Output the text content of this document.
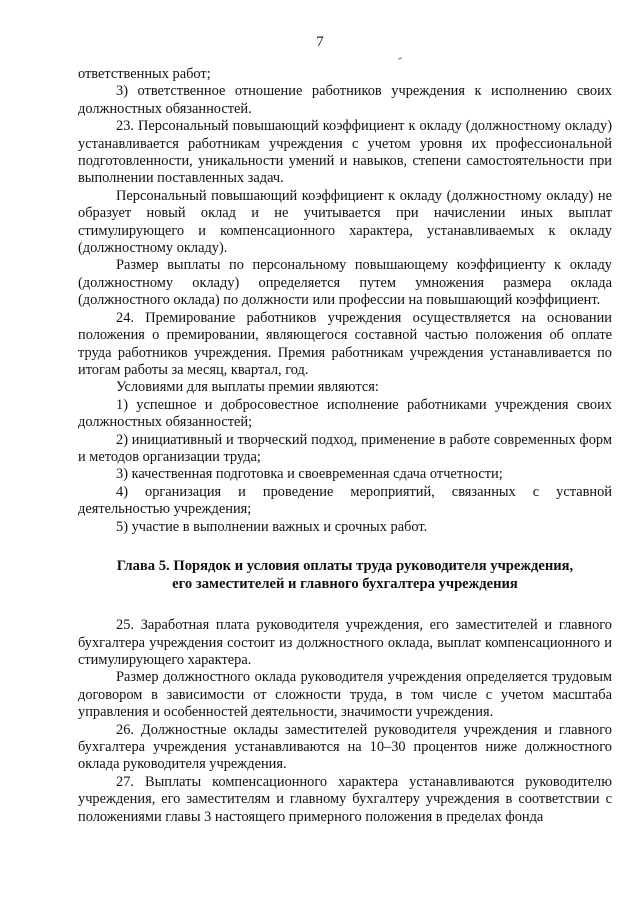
7

ответственных работ;

3) ответственное отношение работников учреждения к исполнению своих должностных обязанностей.

23. Персональный повышающий коэффициент к окладу (должностному окладу) устанавливается работникам учреждения с учетом уровня их профессиональной подготовленности, уникальности умений и навыков, степени самостоятельности при выполнении поставленных задач.

Персональный повышающий коэффициент к окладу (должностному окладу) не образует новый оклад и не учитывается при начислении иных выплат стимулирующего и компенсационного характера, устанавливаемых к окладу (должностному окладу).

Размер выплаты по персональному повышающему коэффициенту к окладу (должностному окладу) определяется путем умножения размера оклада (должностного оклада) по должности или профессии на повышающий коэффициент.

24. Премирование работников учреждения осуществляется на основании положения о премировании, являющегося составной частью положения об оплате труда работников учреждения. Премия работникам учреждения устанавливается по итогам работы за месяц, квартал, год.

Условиями для выплаты премии являются:

1) успешное и добросовестное исполнение работниками учреждения своих должностных обязанностей;

2) инициативный и творческий подход, применение в работе современных форм и методов организации труда;

3) качественная подготовка и своевременная сдача отчетности;

4) организация и проведение мероприятий, связанных с уставной деятельностью учреждения;

5) участие в выполнении важных и срочных работ.

Глава 5. Порядок и условия оплаты труда руководителя учреждения,
его заместителей и главного бухгалтера учреждения

25. Заработная плата руководителя учреждения, его заместителей и главного бухгалтера учреждения состоит из должностного оклада, выплат компенсационного и стимулирующего характера.

Размер должностного оклада руководителя учреждения определяется трудовым договором в зависимости от сложности труда, в том числе с учетом масштаба управления и особенностей деятельности, значимости учреждения.

26. Должностные оклады заместителей руководителя учреждения и главного бухгалтера учреждения устанавливаются на 10–30 процентов ниже должностного оклада руководителя учреждения.

27. Выплаты компенсационного характера устанавливаются руководителю учреждения, его заместителям и главному бухгалтеру учреждения в соответствии с положениями главы 3 настоящего примерного положения в пределах фонда
